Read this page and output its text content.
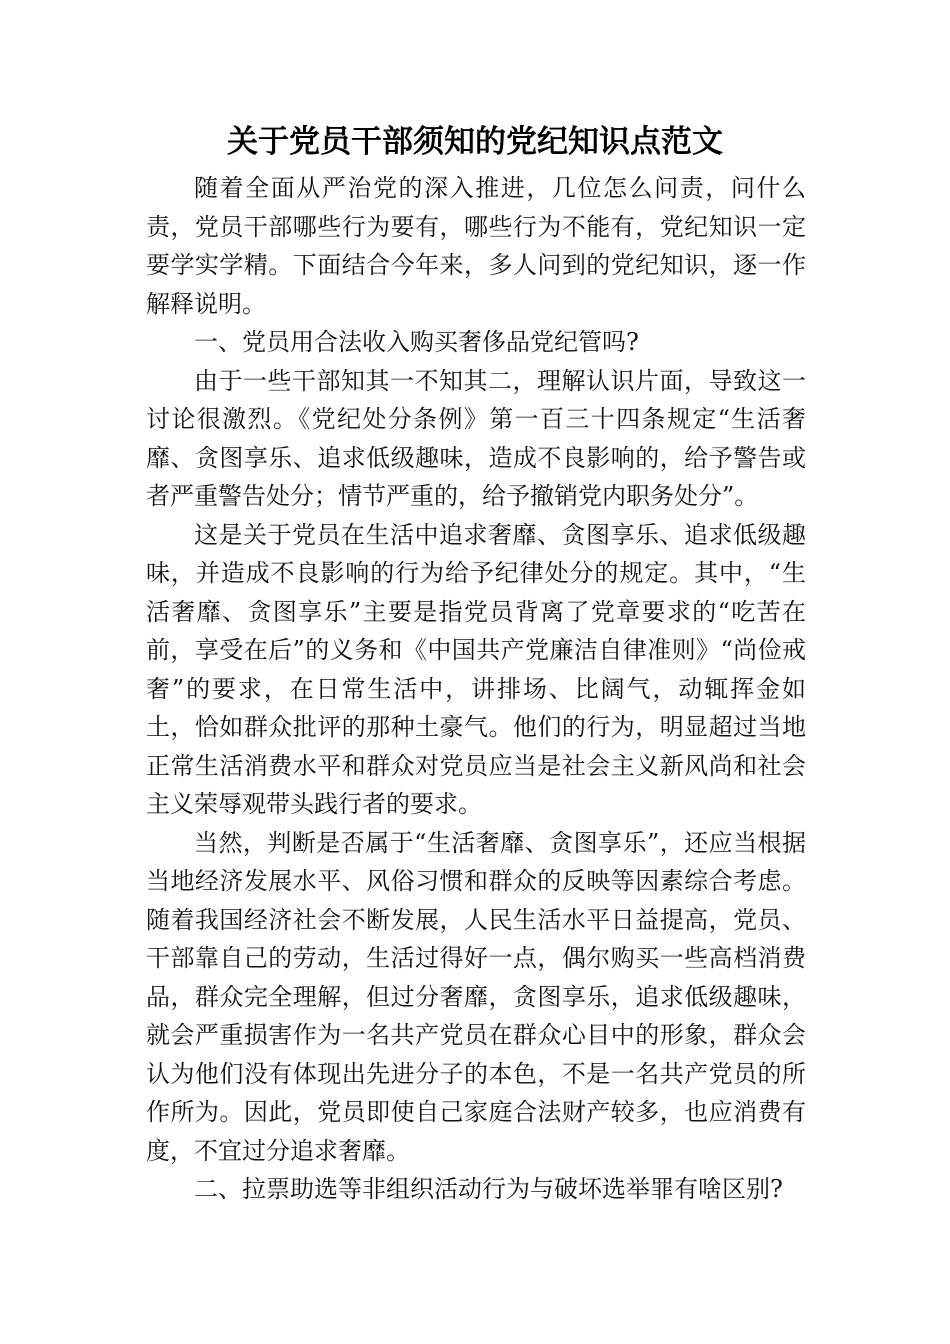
关于党员干部须知的党纪知识点范文

随着全面从严治党的深入推进，几位怎么问责，问什么责，党员干部哪些行为要有，哪些行为不能有，党纪知识一定要学实学精。下面结合今年来，多人问到的党纪知识，逐一作解释说明。

一、党员用合法收入购买奢侈品党纪管吗?

由于一些干部知其一不知其二，理解认识片面，导致这一讨论很激烈。《党纪处分条例》第一百三十四条规定“生活奢靡、贪图享乐、追求低级趣味，造成不良影响的，给予警告或者严重警告处分；情节严重的，给予撤销党内职务处分”。

这是关于党员在生活中追求奢靡、贪图享乐、追求低级趣味，并造成不良影响的行为给予纪律处分的规定。其中，“生活奢靡、贪图享乐”主要是指党员背离了党章要求的“吃苦在前，享受在后”的义务和《中国共产党廉洁自律准则》“尚俭戒奢”的要求，在日常生活中，讲排场、比阔气，动辄挥金如土，恰如群众批评的那种土豪气。他们的行为，明显超过当地正常生活消费水平和群众对党员应当是社会主义新风尚和社会主义荣辱观带头践行者的要求。

当然，判断是否属于“生活奢靡、贪图享乐”，还应当根据当地经济发展水平、风俗习惯和群众的反映等因素综合考虑。随着我国经济社会不断发展，人民生活水平日益提高，党员、干部靠自己的劳动，生活过得好一点，偶尔购买一些高档消费品，群众完全理解，但过分奢靡，贪图享乐，追求低级趣味，就会严重损害作为一名共产党员在群众心目中的形象，群众会认为他们没有体现出先进分子的本色，不是一名共产党员的所作所为。因此，党员即使自己家庭合法财产较多，也应消费有度，不宜过分追求奢靡。

二、拉票助选等非组织活动行为与破坏选举罪有啥区别?
